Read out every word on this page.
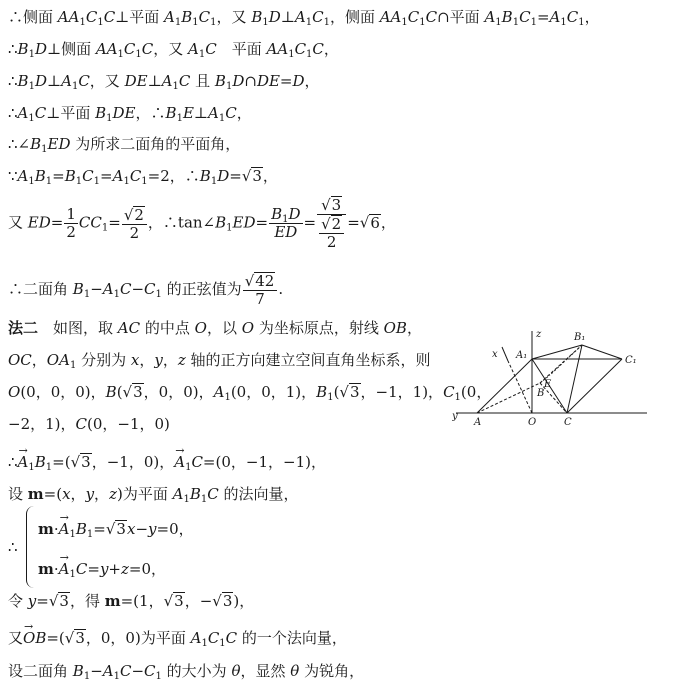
∴侧面 $AA_1C_1C\perp$平面 $A_1B_1C_1$，又 $B_1D\perp A_1C_1$，侧面 $AA_1C_1C\cap$平面 $A_1B_1C_1=A_1C_1$，
$\therefore B_1D\perp$侧面 $AA_1C_1C$，又 $A_1C$　平面 $AA_1C_1C$，
$\therefore B_1D\perp A_1C$，又 $DE\perp A_1C$ 且 $B_1D\cap DE=D$，
$\therefore A_1C\perp$平面 $B_1DE$，$\therefore B_1E\perp A_1C$，
$\therefore\angle B_1ED$ 为所求二面角的平面角，
$\because A_1B_1=B_1C_1=A_1C_1=2$，$\therefore B_1D=√3$，
又 $ED= \frac{1}{2} CC_1= \frac{√2}{2}$ ，$\therefore\tan\angle B_1ED= \frac{B_1D}{ED} = \frac{√3}{\frac{√2}{2}} =√6$，
∴二面角 $B_1-A_1C-C_1$ 的正弦值为 $\frac{√42}{7}$ .
法二　如图，取 AC 的中点 O，以 O 为坐标原点，射线 OB，
OC，$OA_1$ 分别为 x，y，z 轴的正方向建立空间直角坐标系，则
O(0，0，0)，B(√3，0，0)，$A_1(0$，0，1)，$B_1(√3$，−1，1)，$C_1(0$，
−2，1)，C(0，−1，0)	y
z
x
A
A₁
B
B₁
C
C₁
O
E
∴→ $A_1B_1=(√3$，−1，0)，→ $A_1C=(0$，−1，−1)，
设 m=(x，y，z)为平面 $A_1B_1C$ 的法向量，
∴
$m\cdot\to A_1B_1=√3x-y=0$，
$m\cdot\to A_1C=y+z=0$，
令 y=√3，得 m=(1，√3，−√3)，
又→ OB=(√3，0，0)为平面 $A_1C_1C$ 的一个法向量，
设二面角 $B_1-A_1C-C_1$ 的大小为 θ，显然 θ 为锐角，
